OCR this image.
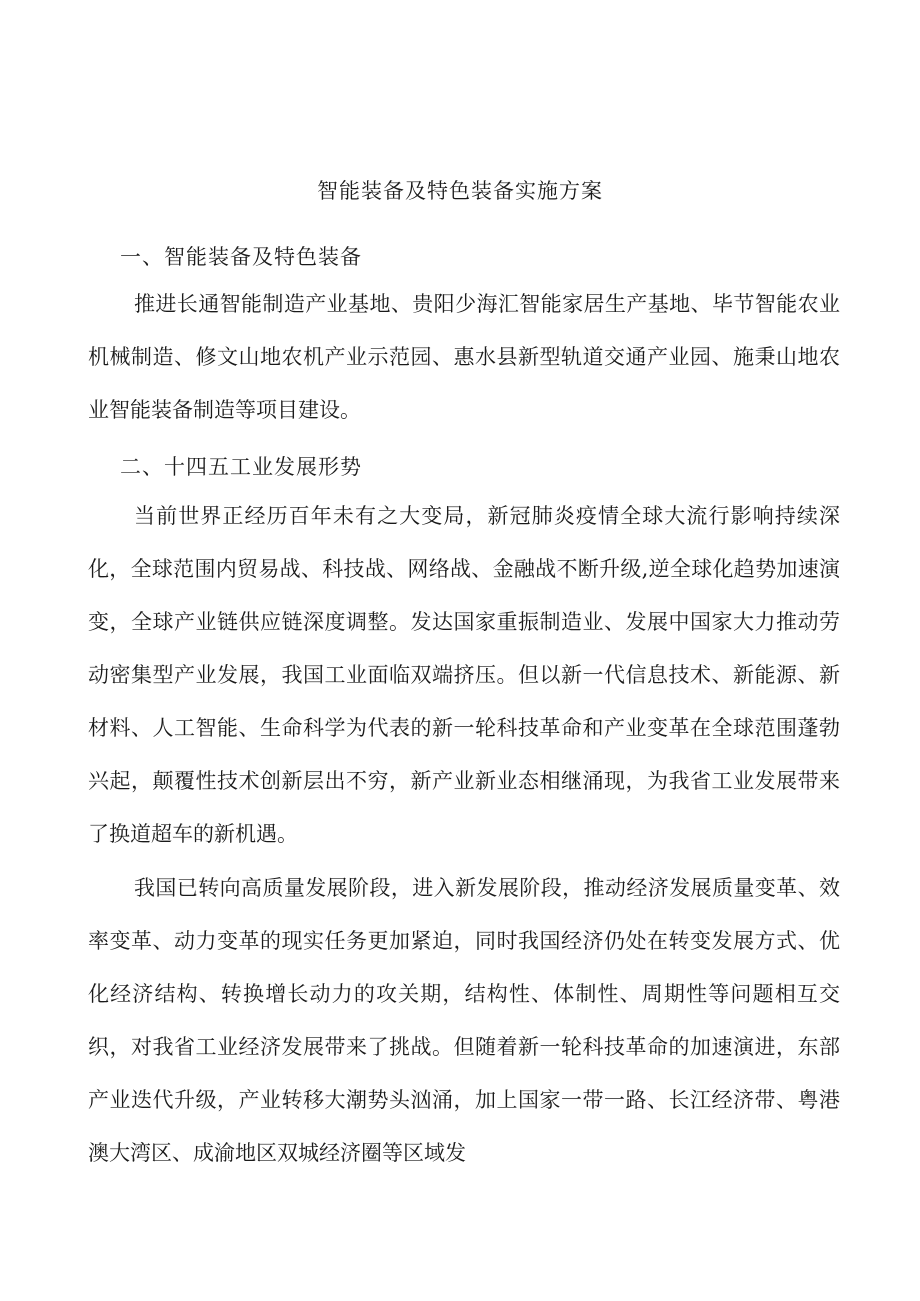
智能装备及特色装备实施方案
一、智能装备及特色装备

推进长通智能制造产业基地、贵阳少海汇智能家居生产基地、毕节智能农业机械制造、修文山地农机产业示范园、惠水县新型轨道交通产业园、施秉山地农业智能装备制造等项目建设。

二、十四五工业发展形势

当前世界正经历百年未有之大变局，新冠肺炎疫情全球大流行影响持续深化，全球范围内贸易战、科技战、网络战、金融战不断升级,逆全球化趋势加速演变，全球产业链供应链深度调整。发达国家重振制造业、发展中国家大力推动劳动密集型产业发展，我国工业面临双端挤压。但以新一代信息技术、新能源、新材料、人工智能、生命科学为代表的新一轮科技革命和产业变革在全球范围蓬勃兴起，颠覆性技术创新层出不穷，新产业新业态相继涌现，为我省工业发展带来了换道超车的新机遇。

我国已转向高质量发展阶段，进入新发展阶段，推动经济发展质量变革、效率变革、动力变革的现实任务更加紧迫，同时我国经济仍处在转变发展方式、优化经济结构、转换增长动力的攻关期，结构性、体制性、周期性等问题相互交织，对我省工业经济发展带来了挑战。但随着新一轮科技革命的加速演进，东部产业迭代升级，产业转移大潮势头汹涌，加上国家一带一路、长江经济带、粤港澳大湾区、成渝地区双城经济圈等区域发
